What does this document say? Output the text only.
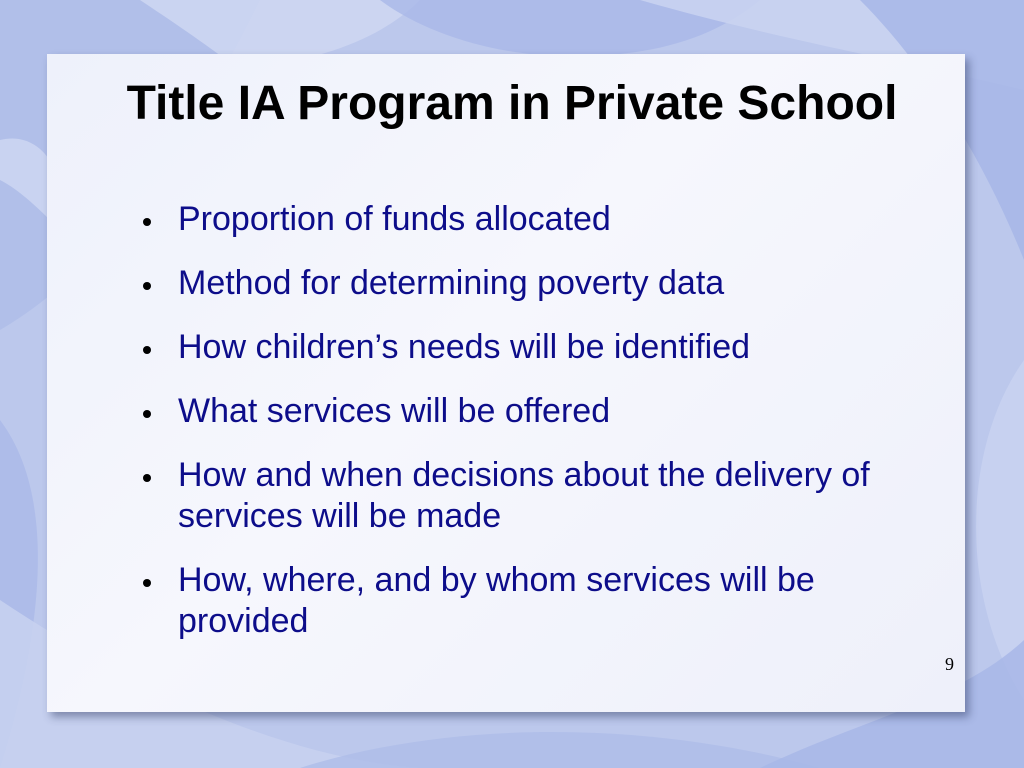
Title IA Program in Private School
Proportion of funds allocated
Method for determining poverty data
How children’s needs will be identified
What services will be offered
How and when decisions about the delivery of services will be made
How, where, and by whom services will be provided
9
